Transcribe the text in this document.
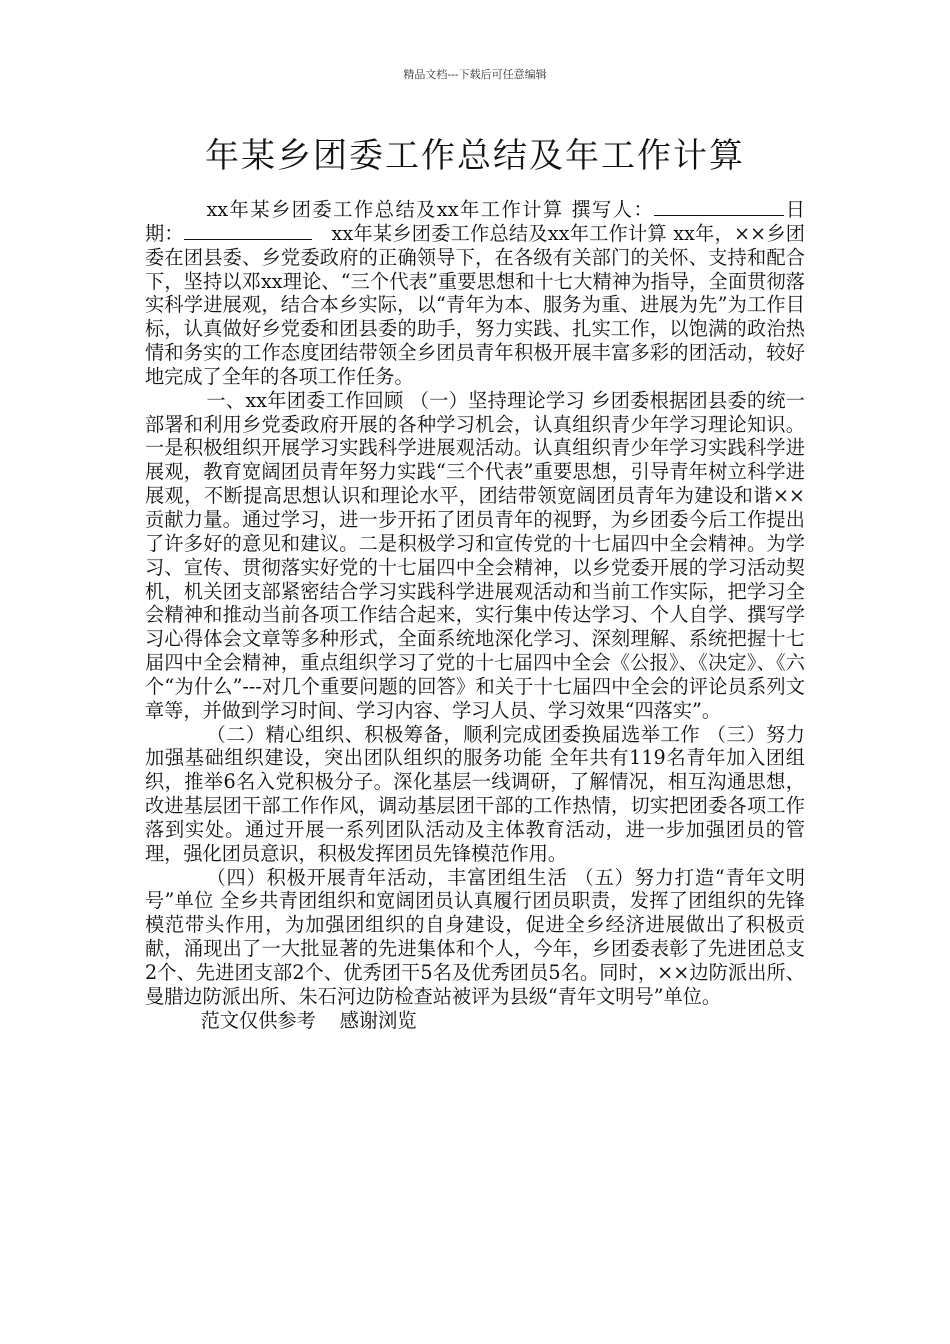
精品文档---下载后可任意编辑
年某乡团委工作总结及年工作计算

xx年某乡团委工作总结及xx年工作计算 撰写人：	日　期：	　xx年某乡团委工作总结及xx年工作计算 xx年，××乡团委在团县委、乡党委政府的正确领导下，在各级有关部门的关怀、支持和配合下，坚持以邓xx理论、“三个代表”重要思想和十七大精神为指导，全面贯彻落实科学进展观，结合本乡实际，以“青年为本、服务为重、进展为先”为工作目标，认真做好乡党委和团县委的助手，努力实践、扎实工作，以饱满的政治热情和务实的工作态度团结带领全乡团员青年积极开展丰富多彩的团活动，较好地完成了全年的各项工作任务。

一、xx年团委工作回顾 （一）坚持理论学习 乡团委根据团县委的统一部署和利用乡党委政府开展的各种学习机会，认真组织青少年学习理论知识。一是积极组织开展学习实践科学进展观活动。认真组织青少年学习实践科学进展观，教育宽阔团员青年努力实践“三个代表”重要思想，引导青年树立科学进展观，不断提高思想认识和理论水平，团结带领宽阔团员青年为建设和谐××贡献力量。通过学习，进一步开拓了团员青年的视野，为乡团委今后工作提出了许多好的意见和建议。二是积极学习和宣传党的十七届四中全会精神。为学习、宣传、贯彻落实好党的十七届四中全会精神，以乡党委开展的学习活动契机，机关团支部紧密结合学习实践科学进展观活动和当前工作实际，把学习全会精神和推动当前各项工作结合起来，实行集中传达学习、个人自学、撰写学习心得体会文章等多种形式，全面系统地深化学习、深刻理解、系统把握十七届四中全会精神，重点组织学习了党的十七届四中全会《公报》、《决定》、《六个“为什么”---对几个重要问题的回答》和关于十七届四中全会的评论员系列文章等，并做到学习时间、学习内容、学习人员、学习效果“四落实”。

（二）精心组织、积极筹备，顺利完成团委换届选举工作 （三）努力加强基础组织建设，突出团队组织的服务功能 全年共有119名青年加入团组织，推举6名入党积极分子。深化基层一线调研，了解情况，相互沟通思想，改进基层团干部工作作风，调动基层团干部的工作热情，切实把团委各项工作落到实处。通过开展一系列团队活动及主体教育活动，进一步加强团员的管理，强化团员意识，积极发挥团员先锋模范作用。

（四）积极开展青年活动，丰富团组生活 （五）努力打造“青年文明号”单位 全乡共青团组织和宽阔团员认真履行团员职责，发挥了团组织的先锋模范带头作用，为加强团组织的自身建设，促进全乡经济进展做出了积极贡献，涌现出了一大批显著的先进集体和个人，今年，乡团委表彰了先进团总支2个、先进团支部2个、优秀团干5名及优秀团员5名。同时，××边防派出所、曼腊边防派出所、朱石河边防检查站被评为县级“青年文明号”单位。

范文仅供参考 感谢浏览
